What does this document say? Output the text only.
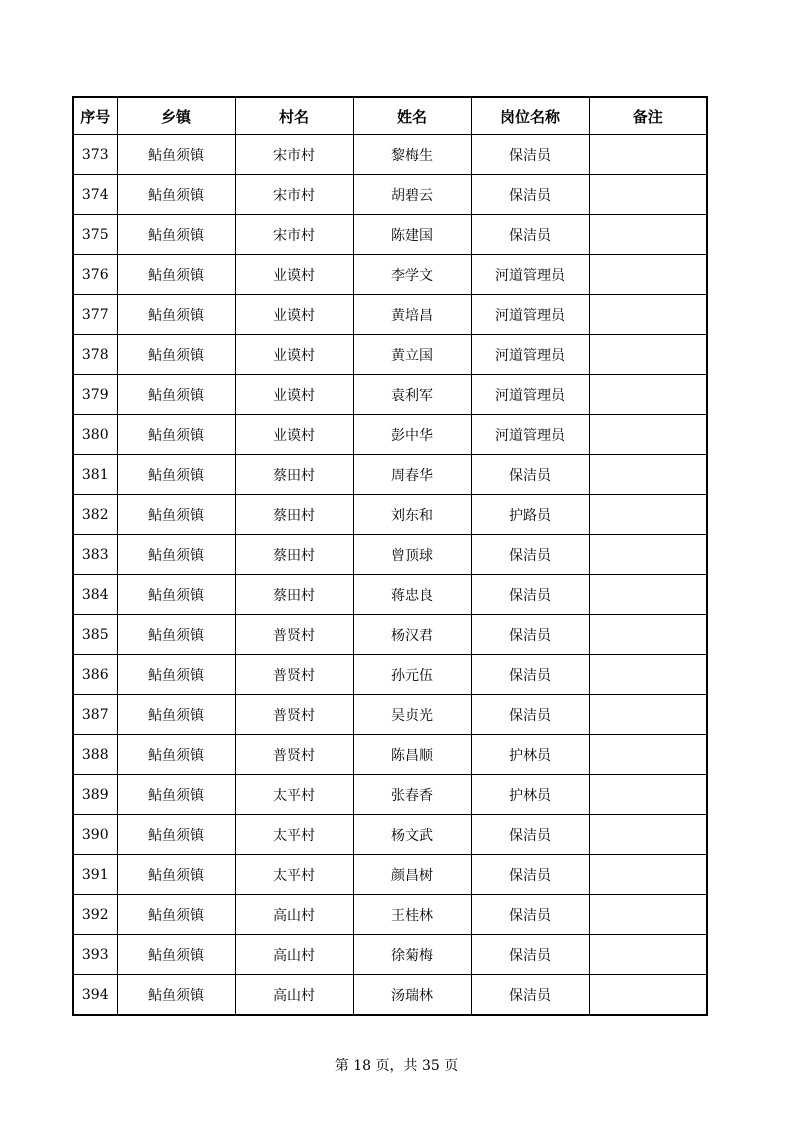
序号	乡镇	村名	姓名	岗位名称	备注
373	鲇鱼须镇	宋市村	黎梅生	保洁员	
374	鲇鱼须镇	宋市村	胡碧云	保洁员	
375	鲇鱼须镇	宋市村	陈建国	保洁员	
376	鲇鱼须镇	业谟村	李学文	河道管理员	
377	鲇鱼须镇	业谟村	黄培昌	河道管理员	
378	鲇鱼须镇	业谟村	黄立国	河道管理员	
379	鲇鱼须镇	业谟村	袁利军	河道管理员	
380	鲇鱼须镇	业谟村	彭中华	河道管理员	
381	鲇鱼须镇	蔡田村	周春华	保洁员	
382	鲇鱼须镇	蔡田村	刘东和	护路员	
383	鲇鱼须镇	蔡田村	曾顶球	保洁员	
384	鲇鱼须镇	蔡田村	蒋忠良	保洁员	
385	鲇鱼须镇	普贤村	杨汉君	保洁员	
386	鲇鱼须镇	普贤村	孙元伍	保洁员	
387	鲇鱼须镇	普贤村	吴贞光	保洁员	
388	鲇鱼须镇	普贤村	陈昌顺	护林员	
389	鲇鱼须镇	太平村	张春香	护林员	
390	鲇鱼须镇	太平村	杨文武	保洁员	
391	鲇鱼须镇	太平村	颜昌树	保洁员	
392	鲇鱼须镇	高山村	王桂林	保洁员	
393	鲇鱼须镇	高山村	徐菊梅	保洁员	
394	鲇鱼须镇	高山村	汤瑞林	保洁员	
第 18 页，共 35 页
